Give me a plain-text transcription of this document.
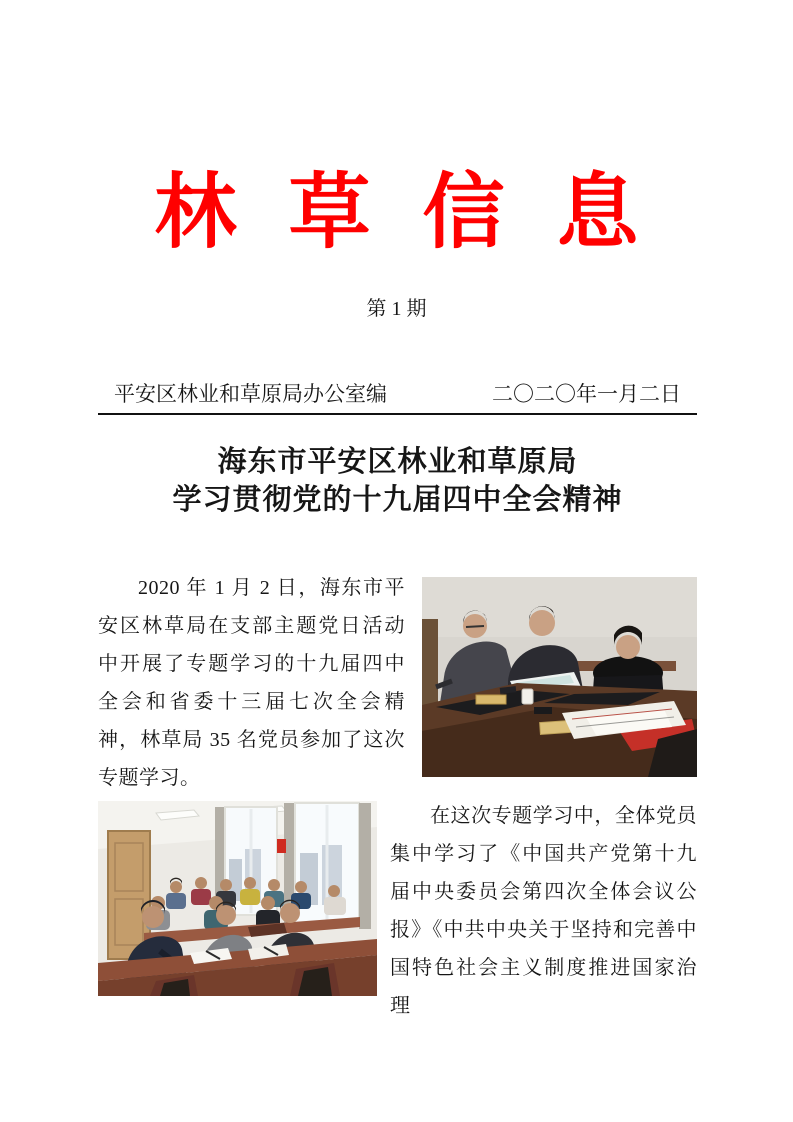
林草信息
第 1 期
平安区林业和草原局办公室编	二〇二〇年一月二日
海东市平安区林业和草原局
学习贯彻党的十九届四中全会精神

2020 年 1 月 2 日，海东市平安区林草局在支部主题党日活动中开展了专题学习的十九届四中全会和省委十三届七次全会精神，林草局 35 名党员参加了这次专题学习。

在这次专题学习中，全体党员集中学习了《中国共产党第十九届中央委员会第四次全体会议公报》《中共中央关于坚持和完善中国特色社会主义制度推进国家治理
